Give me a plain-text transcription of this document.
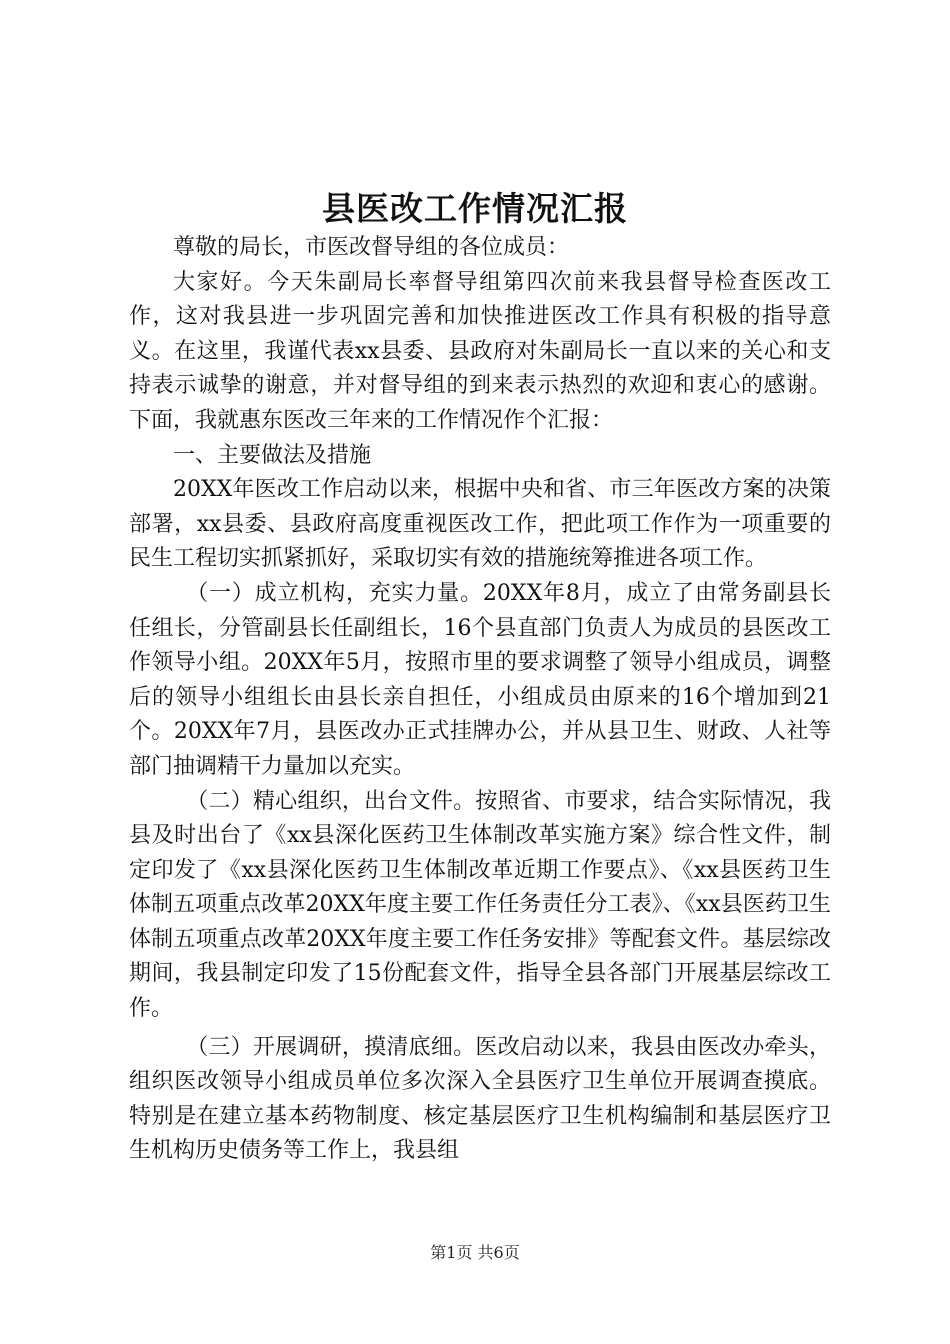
县医改工作情况汇报

尊敬的局长，市医改督导组的各位成员：

大家好。今天朱副局长率督导组第四次前来我县督导检查医改工作，这对我县进一步巩固完善和加快推进医改工作具有积极的指导意义。在这里，我谨代表xx县委、县政府对朱副局长一直以来的关心和支持表示诚挚的谢意，并对督导组的到来表示热烈的欢迎和衷心的感谢。下面，我就惠东医改三年来的工作情况作个汇报：

一、主要做法及措施

20XX年医改工作启动以来，根据中央和省、市三年医改方案的决策部署，xx县委、县政府高度重视医改工作，把此项工作作为一项重要的民生工程切实抓紧抓好，采取切实有效的措施统筹推进各项工作。

（一）成立机构，充实力量。20XX年8月，成立了由常务副县长任组长，分管副县长任副组长，16个县直部门负责人为成员的县医改工作领导小组。20XX年5月，按照市里的要求调整了领导小组成员，调整后的领导小组组长由县长亲自担任，小组成员由原来的16个增加到21个。20XX年7月，县医改办正式挂牌办公，并从县卫生、财政、人社等部门抽调精干力量加以充实。

（二）精心组织，出台文件。按照省、市要求，结合实际情况，我县及时出台了《xx县深化医药卫生体制改革实施方案》综合性文件，制定印发了《xx县深化医药卫生体制改革近期工作要点》、《xx县医药卫生体制五项重点改革20XX年度主要工作任务责任分工表》、《xx县医药卫生体制五项重点改革20XX年度主要工作任务安排》等配套文件。基层综改期间，我县制定印发了15份配套文件，指导全县各部门开展基层综改工作。

（三）开展调研，摸清底细。医改启动以来，我县由医改办牵头，组织医改领导小组成员单位多次深入全县医疗卫生单位开展调查摸底。特别是在建立基本药物制度、核定基层医疗卫生机构编制和基层医疗卫生机构历史债务等工作上，我县组

第1页 共6页
